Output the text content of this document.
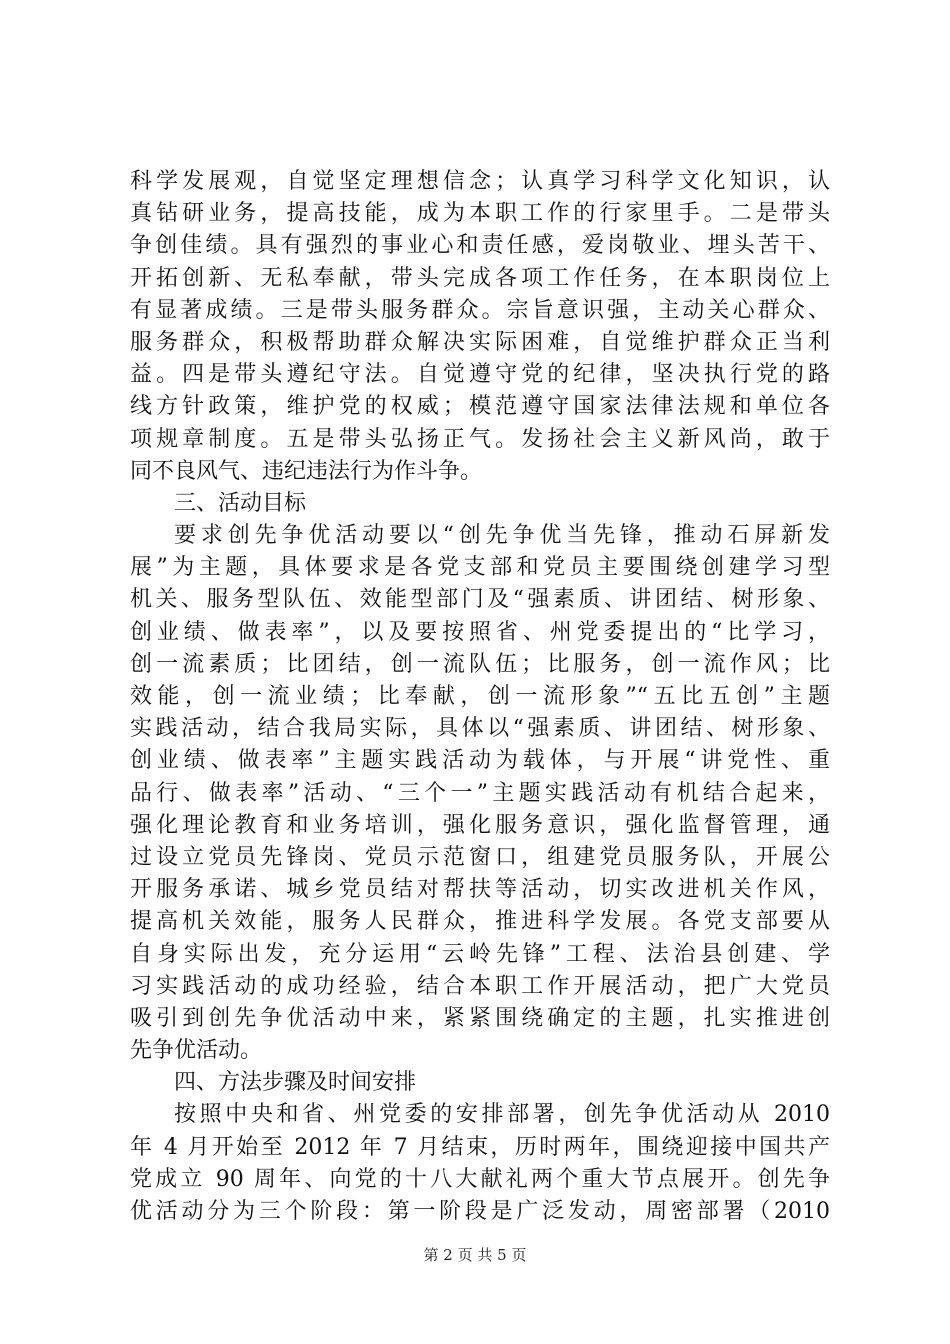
科学发展观，自觉坚定理想信念；认真学习科学文化知识，认
真钻研业务，提高技能，成为本职工作的行家里手。二是带头
争创佳绩。具有强烈的事业心和责任感，爱岗敬业、埋头苦干、
开拓创新、无私奉献，带头完成各项工作任务，在本职岗位上
有显著成绩。三是带头服务群众。宗旨意识强，主动关心群众、
服务群众，积极帮助群众解决实际困难，自觉维护群众正当利
益。四是带头遵纪守法。自觉遵守党的纪律，坚决执行党的路
线方针政策，维护党的权威；模范遵守国家法律法规和单位各
项规章制度。五是带头弘扬正气。发扬社会主义新风尚，敢于
同不良风气、违纪违法行为作斗争。
三、活动目标
要求创先争优活动要以“创先争优当先锋，推动石屏新发
展”为主题，具体要求是各党支部和党员主要围绕创建学习型
机关、服务型队伍、效能型部门及“强素质、讲团结、树形象、
创业绩、做表率”，以及要按照省、州党委提出的“比学习，
创一流素质；比团结，创一流队伍；比服务，创一流作风；比
效能，创一流业绩；比奉献，创一流形象”“五比五创”主题
实践活动，结合我局实际，具体以“强素质、讲团结、树形象、
创业绩、做表率”主题实践活动为载体，与开展“讲党性、重
品行、做表率”活动、“三个一”主题实践活动有机结合起来，
强化理论教育和业务培训，强化服务意识，强化监督管理，通
过设立党员先锋岗、党员示范窗口，组建党员服务队，开展公
开服务承诺、城乡党员结对帮扶等活动，切实改进机关作风，
提高机关效能，服务人民群众，推进科学发展。各党支部要从
自身实际出发，充分运用“云岭先锋”工程、法治县创建、学
习实践活动的成功经验，结合本职工作开展活动，把广大党员
吸引到创先争优活动中来，紧紧围绕确定的主题，扎实推进创
先争优活动。
四、方法步骤及时间安排
按照中央和省、州党委的安排部署，创先争优活动从 2010
年 4 月开始至 2012 年 7 月结束，历时两年，围绕迎接中国共产
党成立 90 周年、向党的十八大献礼两个重大节点展开。创先争
优活动分为三个阶段：第一阶段是广泛发动，周密部署（2010
第 2 页 共 5 页
